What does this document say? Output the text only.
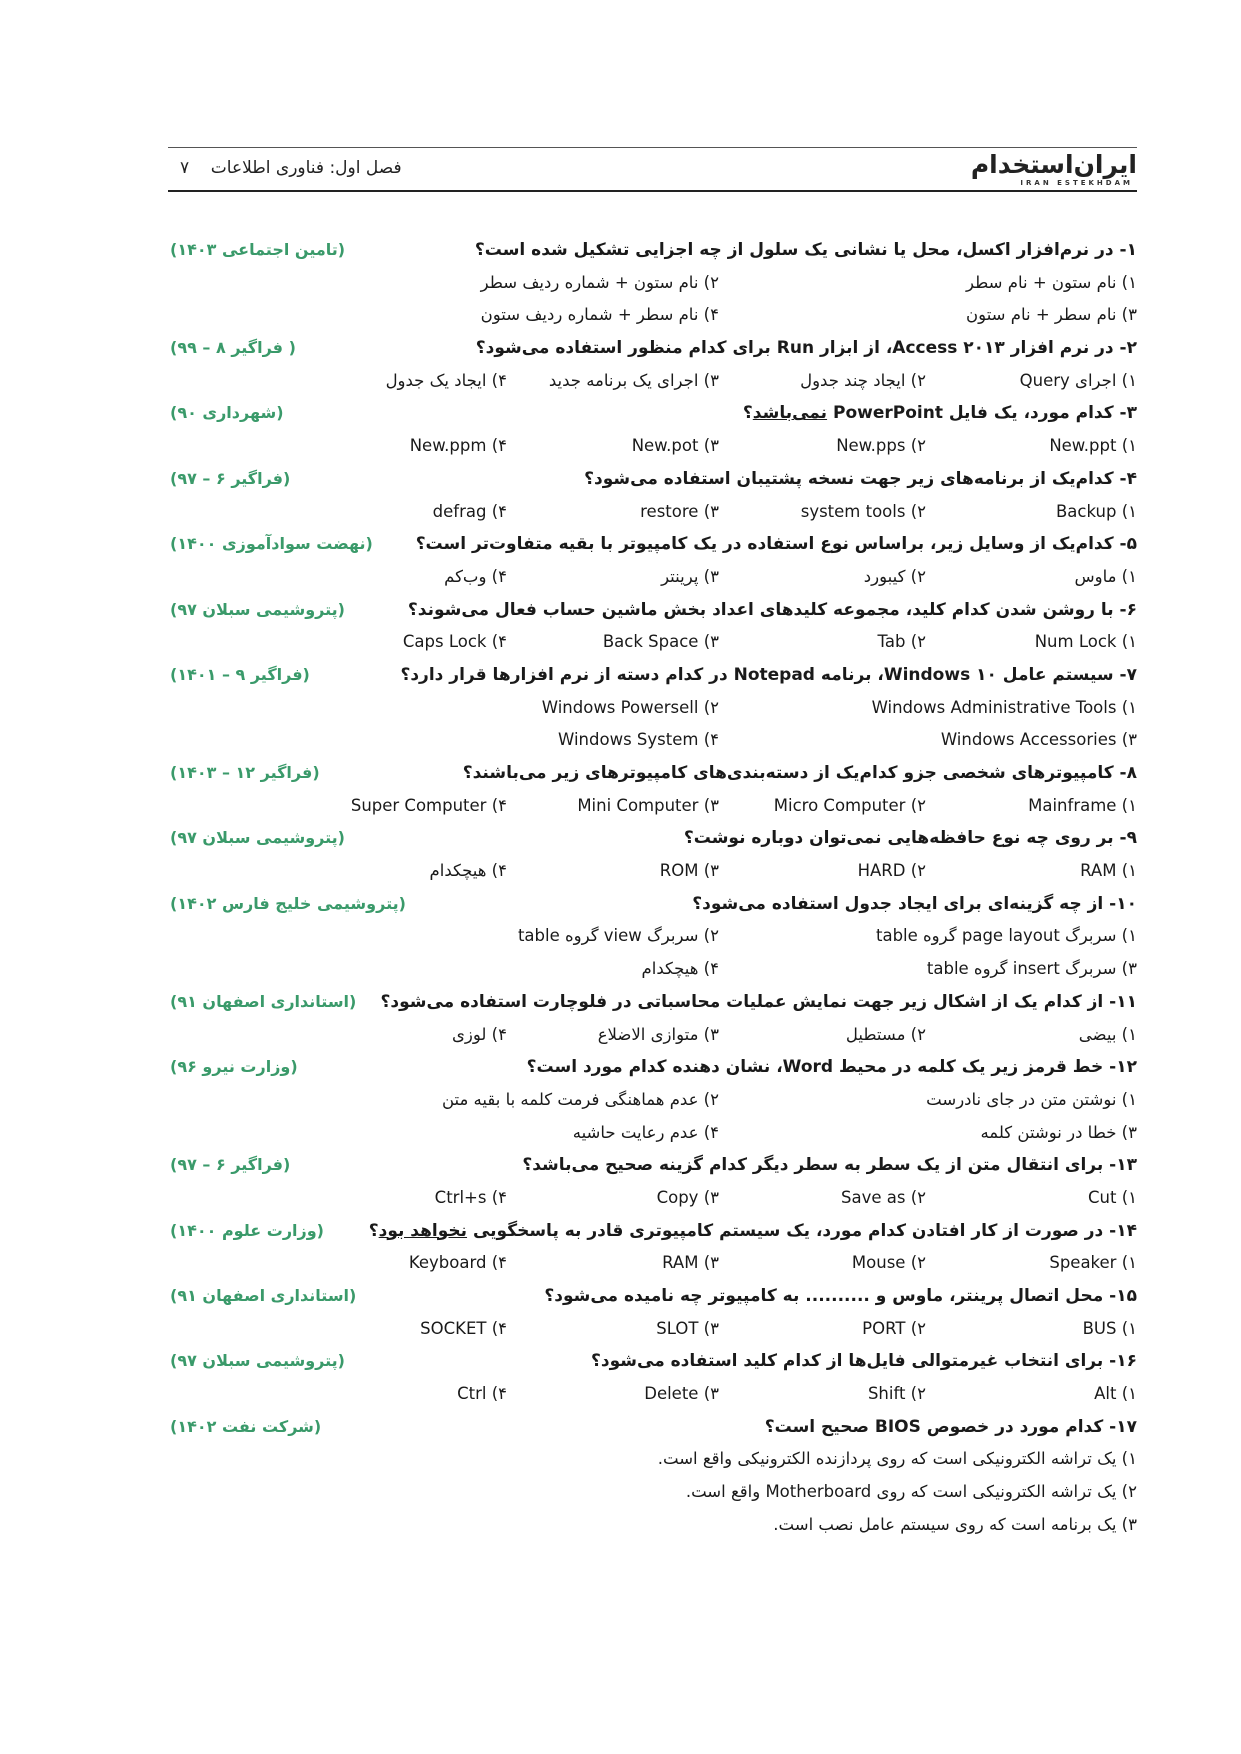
فصل اول: فناوری اطلاعات    ۷	ایران‌استخدام
IRAN ESTEKHDAM
۱- در نرم‌افزار اکسل، محل یا نشانی یک سلول از چه اجزایی تشکیل شده است؟
(تامین اجتماعی ۱۴۰۳)
۱) نام ستون + نام سطر
۲) نام ستون + شماره ردیف سطر
۳) نام سطر + نام ستون
۴) نام سطر + شماره ردیف ستون
۲- در نرم افزار Access ۲۰۱۳، از ابزار Run برای کدام منظور استفاده می‌شود؟
( فراگیر ۸ – ۹۹)
۱) اجرای Query
۲) ایجاد چند جدول
۳) اجرای یک برنامه جدید
۴) ایجاد یک جدول
۳- کدام مورد، یک فایل PowerPoint نمی‌باشد؟
(شهرداری ۹۰)
New.ppt (۱
New.pps (۲
New.pot (۳
New.ppm (۴
۴- کدام‌یک از برنامه‌های زیر جهت نسخه پشتیبان استفاده می‌شود؟
(فراگیر ۶ – ۹۷)
Backup (۱
system tools (۲
restore (۳
defrag (۴
۵- کدام‌یک از وسایل زیر، براساس نوع استفاده در یک کامپیوتر با بقیه متفاوت‌تر است؟
(نهضت سوادآموزی ۱۴۰۰)
۱) ماوس
۲) کیبورد
۳) پرینتر
۴) وب‌کم
۶- با روشن شدن کدام کلید، مجموعه کلیدهای اعداد بخش ماشین حساب فعال می‌شوند؟
(پتروشیمی سبلان ۹۷)
Num Lock (۱
Tab (۲
Back Space (۳
Caps Lock (۴
۷- سیستم عامل ۱۰ Windows، برنامه Notepad در کدام دسته از نرم افزارها قرار دارد؟
(فراگیر ۹ – ۱۴۰۱)
Windows Administrative Tools (۱
Windows Powersell (۲
Windows Accessories (۳
Windows System (۴
۸- کامپیوترهای شخصی جزو کدام‌یک از دسته‌بندی‌های کامپیوترهای زیر می‌باشند؟
(فراگیر ۱۲ – ۱۴۰۳)
Mainframe (۱
Micro Computer (۲
Mini Computer (۳
Super Computer (۴
۹- بر روی چه نوع حافظه‌هایی نمی‌توان دوباره نوشت؟
(پتروشیمی سبلان ۹۷)
RAM (۱
HARD (۲
ROM (۳
۴) هیچکدام
۱۰- از چه گزینه‌ای برای ایجاد جدول استفاده می‌شود؟
(پتروشیمی خلیج فارس ۱۴۰۲)
۱) سربرگ page layout گروه table
۲) سربرگ view گروه table
۳) سربرگ insert گروه table
۴) هیچکدام
۱۱- از کدام یک از اشکال زیر جهت نمایش عملیات محاسباتی در فلوچارت استفاده می‌شود؟
(استانداری اصفهان ۹۱)
۱) بیضی
۲) مستطیل
۳) متوازی الاضلاع
۴) لوزی
۱۲- خط قرمز زیر یک کلمه در محیط Word، نشان دهنده کدام مورد است؟
(وزارت نیرو ۹۶)
۱) نوشتن متن در جای نادرست
۲) عدم هماهنگی فرمت کلمه با بقیه متن
۳) خطا در نوشتن کلمه
۴) عدم رعایت حاشیه
۱۳- برای انتقال متن از یک سطر به سطر دیگر کدام گزینه صحیح می‌باشد؟
(فراگیر ۶ – ۹۷)
Cut (۱
Save as (۲
Copy (۳
Ctrl+s (۴
۱۴- در صورت از کار افتادن کدام مورد، یک سیستم کامپیوتری قادر به پاسخگویی نخواهد بود؟
(وزارت علوم ۱۴۰۰)
Speaker (۱
Mouse (۲
RAM (۳
Keyboard (۴
۱۵- محل اتصال پرینتر، ماوس و .......... به کامپیوتر چه نامیده می‌شود؟
(استانداری اصفهان ۹۱)
BUS (۱
PORT (۲
SLOT (۳
SOCKET (۴
۱۶- برای انتخاب غیرمتوالی فایل‌ها از کدام کلید استفاده می‌شود؟
(پتروشیمی سبلان ۹۷)
Alt (۱
Shift (۲
Delete (۳
Ctrl (۴
۱۷- کدام مورد در خصوص BIOS صحیح است؟
(شرکت نفت ۱۴۰۲)
۱) یک تراشه الکترونیکی است که روی پردازنده الکترونیکی واقع است.
۲) یک تراشه الکترونیکی است که روی Motherboard واقع است.
۳) یک برنامه است که روی سیستم عامل نصب است.
